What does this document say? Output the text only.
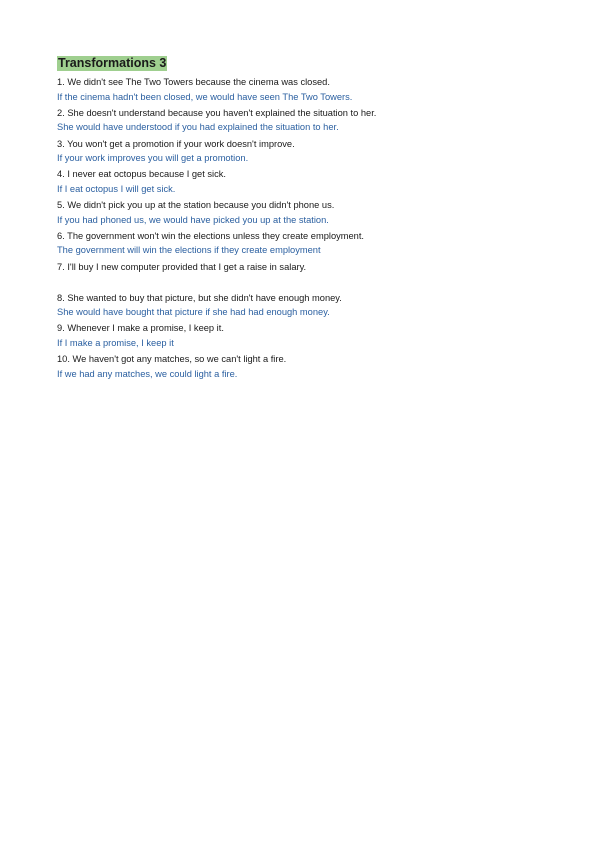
Transformations 3
1. We didn't see The Two Towers because the cinema was closed.
If the cinema hadn't been closed, we would have seen The Two Towers.
2. She doesn't understand because you haven't explained the situation to her.
She would have understood if you had explained the situation to her.
3. You won't get a promotion if your work doesn't improve.
If your work improves you will get a promotion.
4. I never eat octopus because I get sick.
If I eat octopus I will get sick.
5. We didn't pick you up at the station because you didn't phone us.
If you had phoned us, we would have picked you up at the station.
6. The government won't win the elections unless they create employment.
The government will win the elections if they create employment
7. I'll buy I new computer provided that I get a raise in salary.
8. She wanted to buy that picture, but she didn't have enough money.
She would have bought that picture if she had had enough money.
9. Whenever I make a promise, I keep it.
If I make a promise, I keep it
10. We haven't got any matches, so we can't light a fire.
If we had any matches, we could light a fire.
